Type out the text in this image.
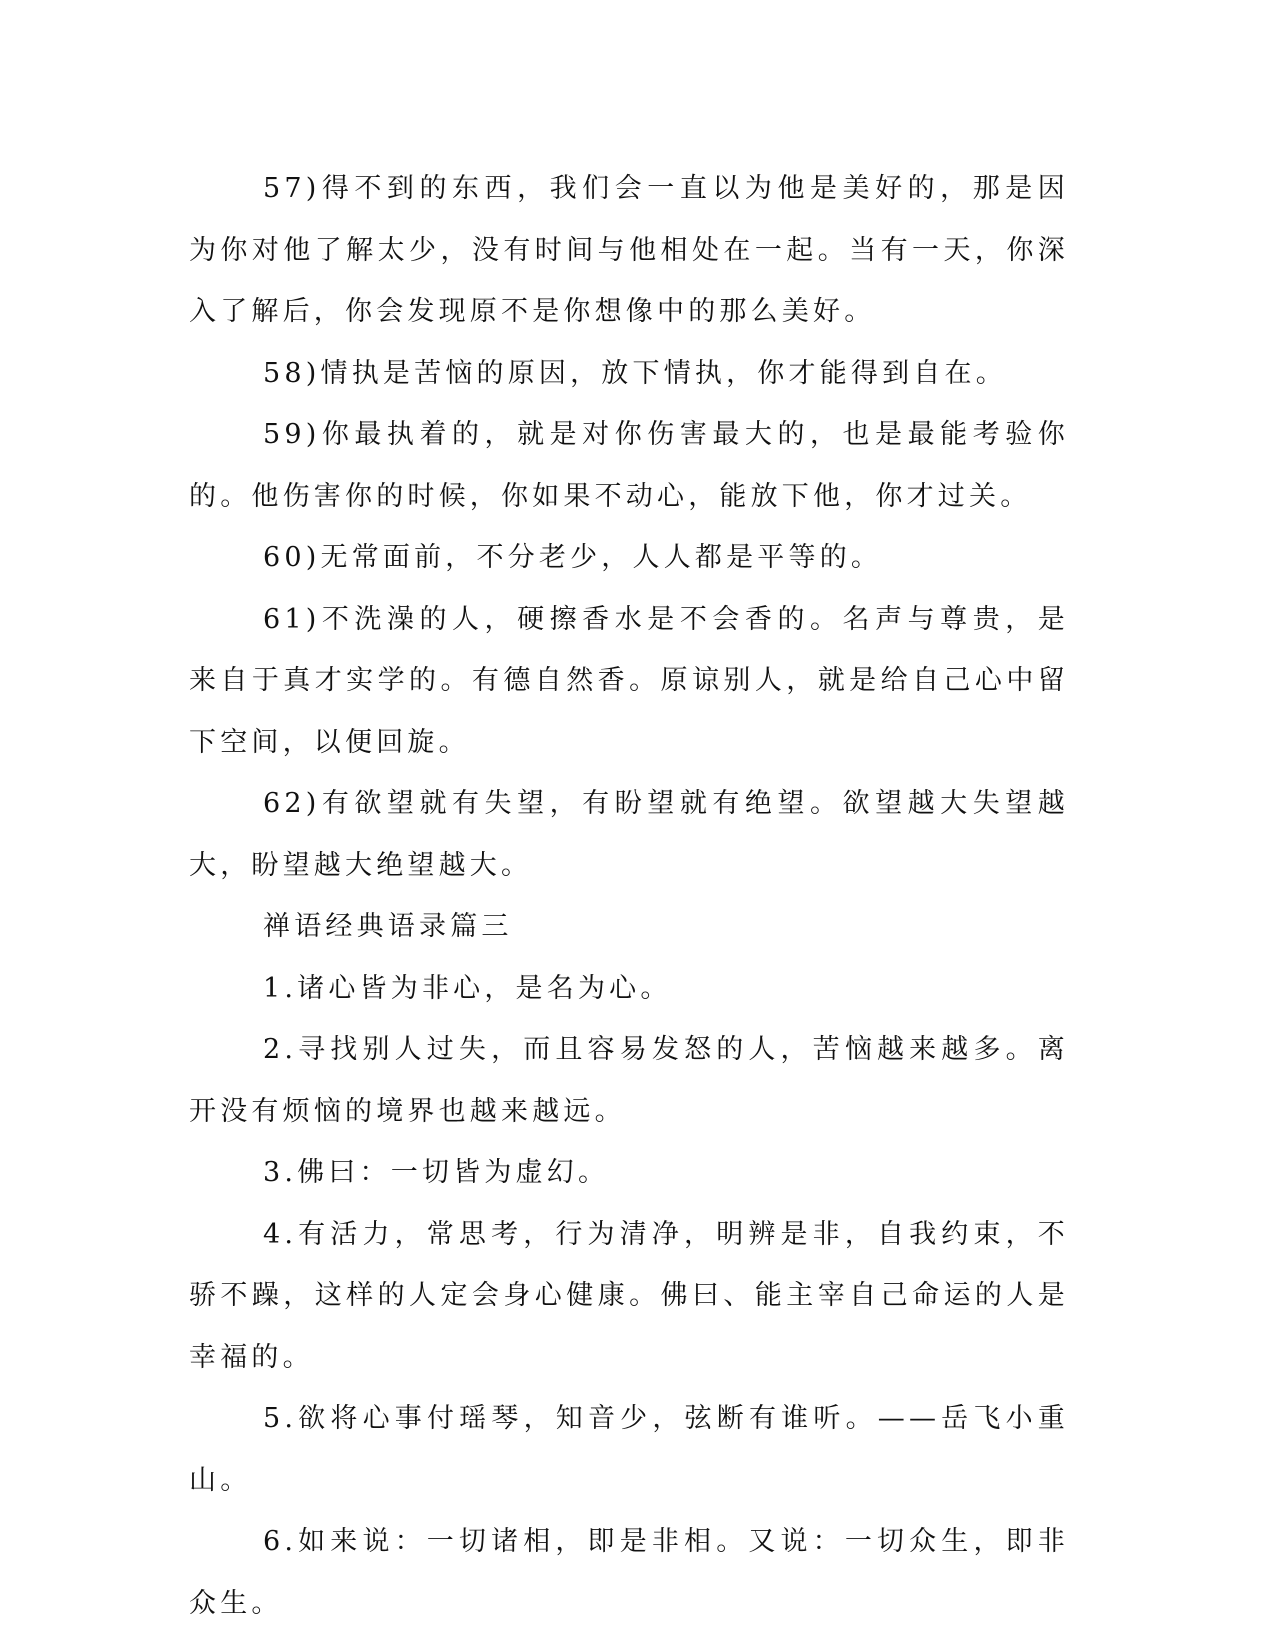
57)得不到的东西，我们会一直以为他是美好的，那是因为你对他了解太少，没有时间与他相处在一起。当有一天，你深入了解后，你会发现原不是你想像中的那么美好。

58)情执是苦恼的原因，放下情执，你才能得到自在。

59)你最执着的，就是对你伤害最大的，也是最能考验你的。他伤害你的时候，你如果不动心，能放下他，你才过关。

60)无常面前，不分老少，人人都是平等的。

61)不洗澡的人，硬擦香水是不会香的。名声与尊贵，是来自于真才实学的。有德自然香。原谅别人，就是给自己心中留下空间，以便回旋。

62)有欲望就有失望，有盼望就有绝望。欲望越大失望越大，盼望越大绝望越大。

禅语经典语录篇三

1.诸心皆为非心，是名为心。

2.寻找别人过失，而且容易发怒的人，苦恼越来越多。离开没有烦恼的境界也越来越远。

3.佛曰：一切皆为虚幻。

4.有活力，常思考，行为清净，明辨是非，自我约束，不骄不躁，这样的人定会身心健康。佛曰、能主宰自己命运的人是幸福的。

5.欲将心事付瑶琴，知音少，弦断有谁听。——岳飞小重山。

6.如来说：一切诸相，即是非相。又说：一切众生，即非众生。
